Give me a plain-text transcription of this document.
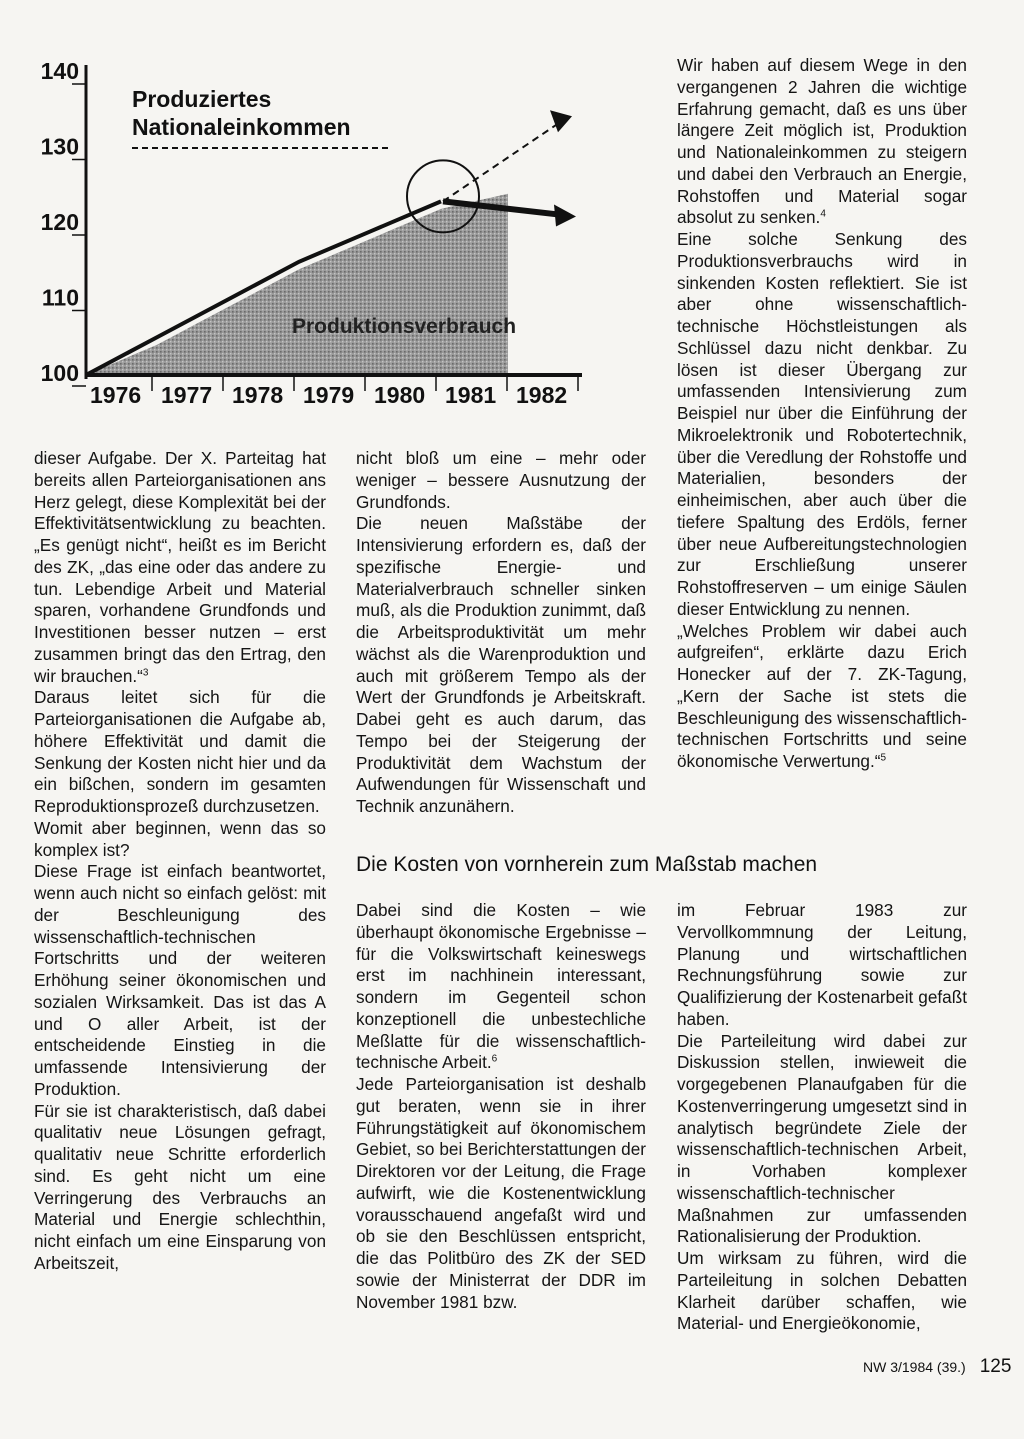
140
130
120
110
100
1976 1977 1978 1979 1980 1981 1982
Produziertes
Nationaleinkommen
Produktionsverbrauch

dieser Aufgabe. Der X. Parteitag hat bereits allen Parteiorganisationen ans Herz gelegt, diese Komplexität bei der Effektivitätsentwicklung zu beachten. „Es genügt nicht“, heißt es im Bericht des ZK, „das eine oder das andere zu tun. Lebendige Arbeit und Material sparen, vorhandene Grundfonds und Investitionen besser nutzen – erst zusammen bringt das den Ertrag, den wir brauchen.“$^3$

Daraus leitet sich für die Parteiorganisationen die Aufgabe ab, höhere Effektivität und damit die Senkung der Kosten nicht hier und da ein bißchen, sondern im gesamten Reproduktionsprozeß durchzusetzen.

Womit aber beginnen, wenn das so komplex ist?

Diese Frage ist einfach beantwortet, wenn auch nicht so einfach gelöst: mit der Beschleunigung des wissenschaftlich-technischen Fortschritts und der weiteren Erhöhung seiner ökonomischen und sozialen Wirksamkeit. Das ist das A und O aller Arbeit, ist der entscheidende Einstieg in die umfassende Intensivierung der Produktion.

Für sie ist charakteristisch, daß dabei qualitativ neue Lösungen gefragt, qualitativ neue Schritte erforderlich sind. Es geht nicht um eine Verringerung des Verbrauchs an Material und Energie schlechthin, nicht einfach um eine Einsparung von Arbeitszeit,

nicht bloß um eine – mehr oder weniger – bessere Ausnutzung der Grundfonds.

Die neuen Maßstäbe der Intensivierung erfordern es, daß der spezifische Energie- und Materialverbrauch schneller sinken muß, als die Produktion zunimmt, daß die Arbeitsproduktivität um mehr wächst als die Warenproduktion und auch mit größerem Tempo als der Wert der Grundfonds je Arbeitskraft. Dabei geht es auch darum, das Tempo bei der Steigerung der Produktivität dem Wachstum der Aufwendungen für Wissenschaft und Technik anzunähern.

Wir haben auf diesem Wege in den vergangenen 2 Jahren die wichtige Erfahrung gemacht, daß es uns über längere Zeit möglich ist, Produktion und Nationaleinkommen zu steigern und dabei den Verbrauch an Energie, Rohstoffen und Material sogar absolut zu senken.$^4$

Eine solche Senkung des Produktionsverbrauchs wird in sinkenden Kosten reflektiert. Sie ist aber ohne wissenschaftlich-technische Höchstleistungen als Schlüssel dazu nicht denkbar. Zu lösen ist dieser Übergang zur umfassenden Intensivierung zum Beispiel nur über die Einführung der Mikroelektronik und Robotertechnik, über die Veredlung der Rohstoffe und Materialien, besonders der einheimischen, aber auch über die tiefere Spaltung des Erdöls, ferner über neue Aufbereitungstechnologien zur Erschließung unserer Rohstoffreserven – um einige Säulen dieser Entwicklung zu nennen.

„Welches Problem wir dabei auch aufgreifen“, erklärte dazu Erich Honecker auf der 7. ZK-Tagung, „Kern der Sache ist stets die Beschleunigung des wissenschaftlich-technischen Fortschritts und seine ökonomische Verwertung.“$^5$

Die Kosten von vornherein zum Maßstab machen

Dabei sind die Kosten – wie überhaupt ökonomische Ergebnisse – für die Volkswirtschaft keineswegs erst im nachhinein interessant, sondern im Gegenteil schon konzeptionell die unbestechliche Meßlatte für die wissenschaftlich-technische Arbeit.$^6$

Jede Parteiorganisation ist deshalb gut beraten, wenn sie in ihrer Führungstätigkeit auf ökonomischem Gebiet, so bei Berichterstattungen der Direktoren vor der Leitung, die Frage aufwirft, wie die Kostenentwicklung vorausschauend angefaßt wird und ob sie den Beschlüssen entspricht, die das Politbüro des ZK der SED sowie der Ministerrat der DDR im November 1981 bzw.

im Februar 1983 zur Vervollkommnung der Leitung, Planung und wirtschaftlichen Rechnungsführung sowie zur Qualifizierung der Kostenarbeit gefaßt haben.

Die Parteileitung wird dabei zur Diskussion stellen, inwieweit die vorgegebenen Planaufgaben für die Kostenverringerung umgesetzt sind in analytisch begründete Ziele der wissenschaftlich-technischen Arbeit, in Vorhaben komplexer wissenschaftlich-technischer Maßnahmen zur umfassenden Rationalisierung der Produktion.

Um wirksam zu führen, wird die Parteileitung in solchen Debatten Klarheit darüber schaffen, wie Material- und Energieökonomie,

NW 3/1984 (39.) 125
